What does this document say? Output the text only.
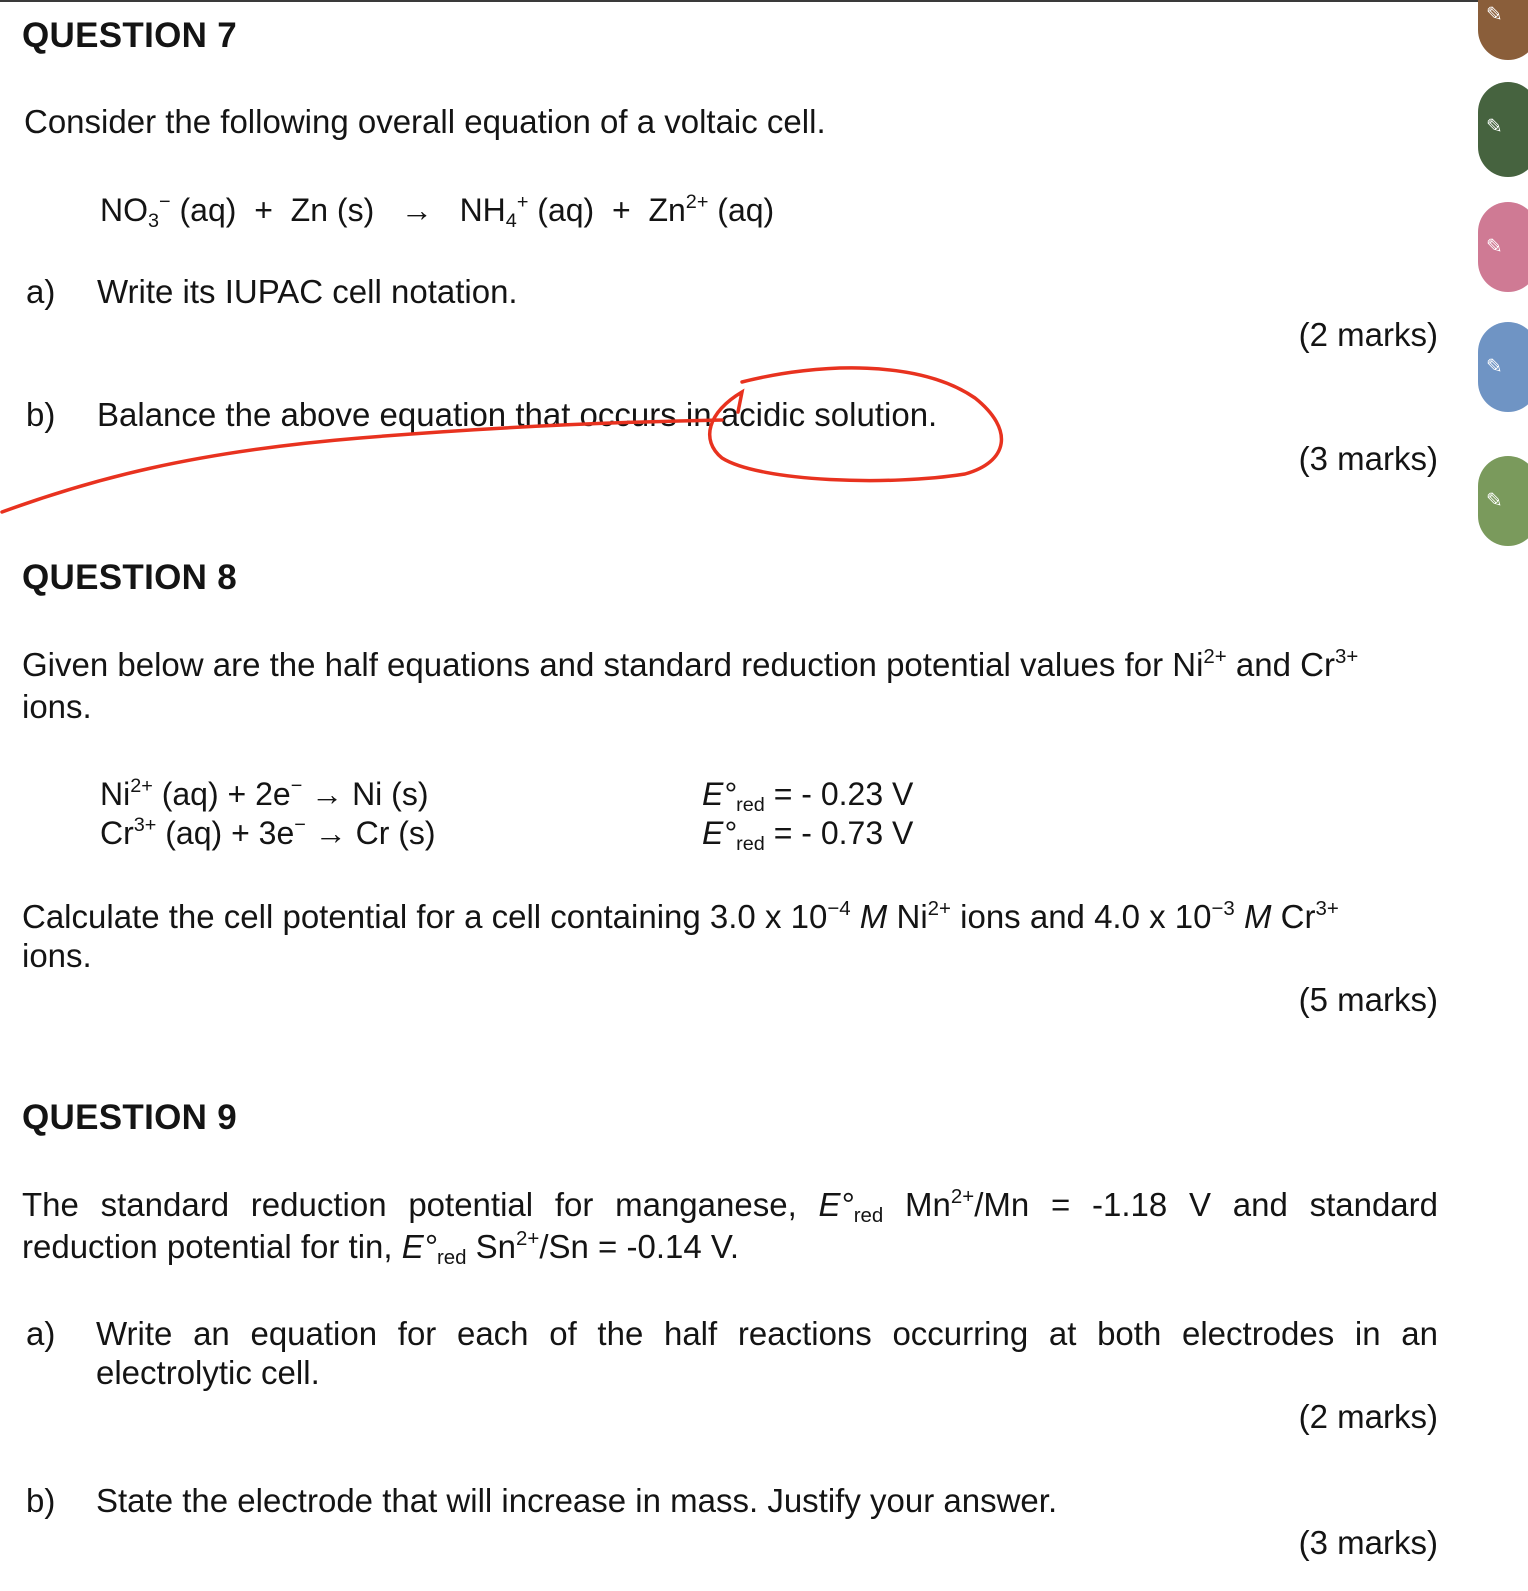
✎
✎
✎
✎
✎
QUESTION 7
Consider the following overall equation of a voltaic cell.
$NO_3^-$ (aq) + Zn $(s) \to NH_4^+$ $(aq) + Zn^{2+}$ (aq)
a) Write its IUPAC cell notation.
(2 marks)
b) Balance the above equation that occurs in acidic solution.
(3 marks)
QUESTION 8
Given below are the half equations and standard reduction potential values for $Ni^{2+}$ and $Cr^{3+}$
ions.
$Ni^{2+}$ (aq) + 2e− → Ni (s)
$Cr^{3+}$ (aq) + 3e− → Cr (s)
$E^\circ_{red}$ = - 0.23 V
$E^\circ_{red}$ = - 0.73 V
Calculate the cell potential for a cell containing 3.0 x $10^{-4}$ M $Ni^{2+}$ ions and 4.0 x $10^{-3}$ M $Cr^{3+}$
ions.
(5 marks)
QUESTION 9
The standard reduction potential for manganese, $E^\circ_{red}$ $Mn^{2+}/Mn = -1.18$ V and standard
reduction potential for tin, $E^\circ_{red}$ $Sn^{2+}/Sn = -0.14$ V.
a) Write an equation for each of the half reactions occurring at both electrodes in an
electrolytic cell.
(2 marks)
b) State the electrode that will increase in mass. Justify your answer.
(3 marks)
